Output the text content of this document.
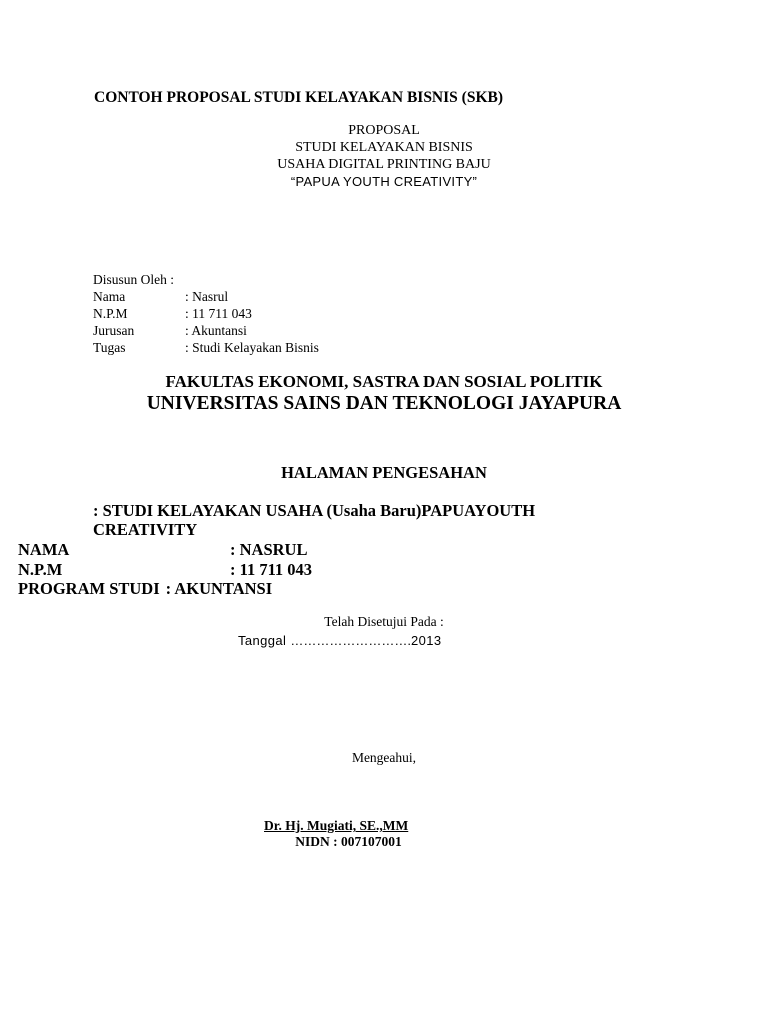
CONTOH PROPOSAL STUDI KELAYAKAN BISNIS (SKB)
PROPOSAL
STUDI KELAYAKAN BISNIS
USAHA DIGITAL PRINTING BAJU
“PAPUA YOUTH CREATIVITY”
Disusun Oleh :
Nama	: Nasrul
N.P.M	: 11 711 043
Jurusan	: Akuntansi
Tugas	: Studi Kelayakan Bisnis
FAKULTAS EKONOMI, SASTRA DAN SOSIAL POLITIK
UNIVERSITAS SAINS DAN TEKNOLOGI JAYAPURA
HALAMAN PENGESAHAN
: STUDI KELAYAKAN USAHA (Usaha Baru)PAPUAYOUTH
CREATIVITY
NAMA	: NASRUL
N.P.M	: 11 711 043
PROGRAM STUDI : AKUNTANSI
Telah Disetujui Pada :
Tanggal ……………………….2013
Mengeahui,
Dr. Hj. Mugiati, SE.,MM
NIDN : 007107001
